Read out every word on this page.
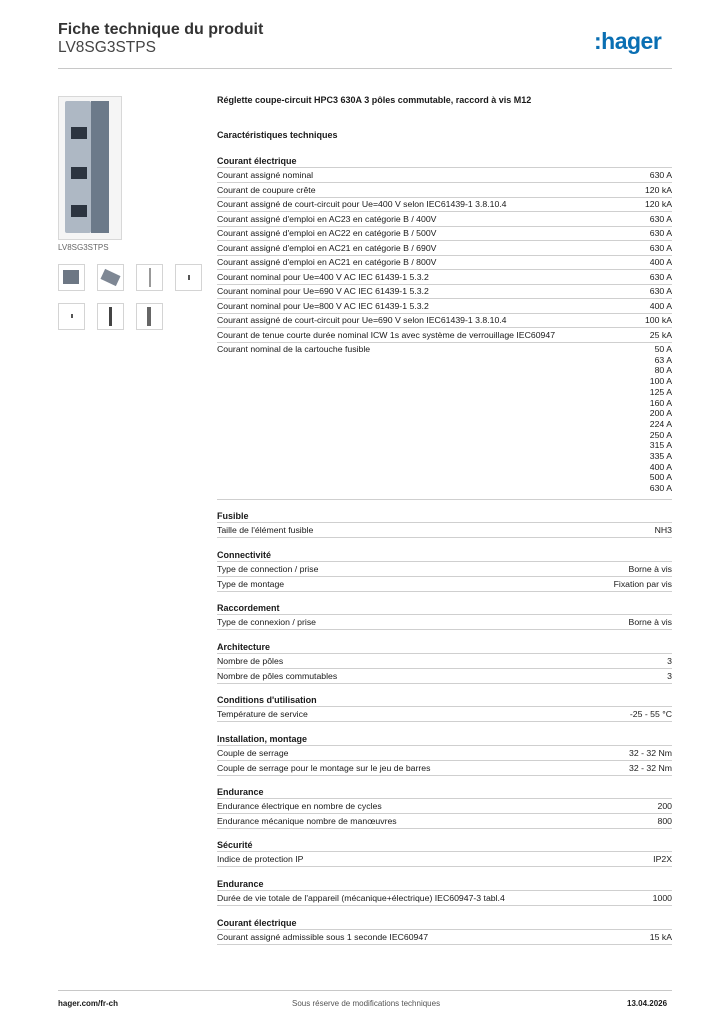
Fiche technique du produit
LV8SG3STPS	:hager
LV8SG3STPS
Réglette coupe-circuit HPC3 630A 3 pôles commutable, raccord à vis M12
Caractéristiques techniques
Courant électrique
Courant assigné nominal	630 A
Courant de coupure crête	120 kA
Courant assigné de court-circuit pour Ue=400 V selon IEC61439-1 3.8.10.4	120 kA
Courant assigné d'emploi en AC23 en catégorie B / 400V	630 A
Courant assigné d'emploi en AC22 en catégorie B / 500V	630 A
Courant assigné d'emploi en AC21 en catégorie B / 690V	630 A
Courant assigné d'emploi en AC21 en catégorie B / 800V	400 A
Courant nominal pour Ue=400 V AC IEC 61439-1 5.3.2	630 A
Courant nominal pour Ue=690 V AC IEC 61439-1 5.3.2	630 A
Courant nominal pour Ue=800 V AC IEC 61439-1 5.3.2	400 A
Courant assigné de court-circuit pour Ue=690 V selon IEC61439-1 3.8.10.4	100 kA
Courant de tenue courte durée nominal ICW 1s avec système de verrouillage IEC60947	25 kA
Courant nominal de la cartouche fusible	50 A
63 A
80 A
100 A
125 A
160 A
200 A
224 A
250 A
315 A
335 A
400 A
500 A
630 A
Fusible
Taille de l'élément fusible	NH3
Connectivité
Type de connection / prise	Borne à vis
Type de montage	Fixation par vis
Raccordement
Type de connexion / prise	Borne à vis
Architecture
Nombre de pôles	3
Nombre de pôles commutables	3
Conditions d'utilisation
Température de service	-25 - 55 °C
Installation, montage
Couple de serrage	32 - 32 Nm
Couple de serrage pour le montage sur le jeu de barres	32 - 32 Nm
Endurance
Endurance électrique en nombre de cycles	200
Endurance mécanique nombre de manœuvres	800
Sécurité
Indice de protection IP	IP2X
Endurance
Durée de vie totale de l'appareil (mécanique+électrique) IEC60947-3 tabl.4	1000
Courant électrique
Courant assigné admissible sous 1 seconde IEC60947	15 kA
hager.com/fr-ch	Sous réserve de modifications techniques	13.04.2026
